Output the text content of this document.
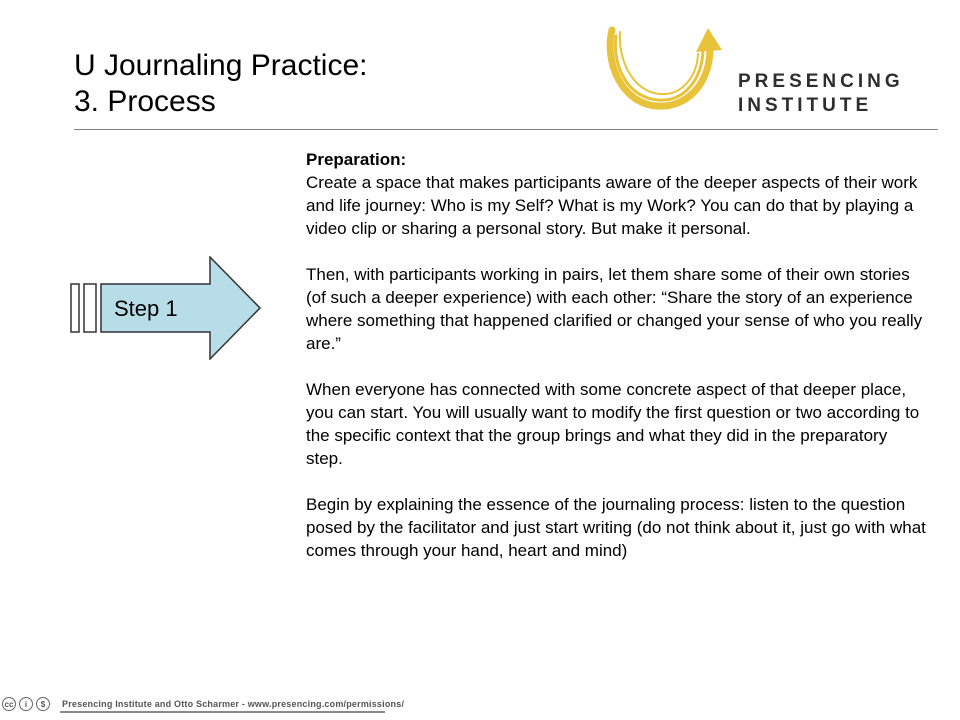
U Journaling Practice:
3. Process
PRESENCING
INSTITUTE
Step 1

Preparation:
Create a space that makes participants aware of the deeper aspects of their work and life journey: Who is my Self? What is my Work? You can do that by playing a video clip or sharing a personal story. But make it personal.

Then, with participants working in pairs, let them share some of their own stories (of such a deeper experience) with each other: “Share the story of an experience where something that happened clarified or changed your sense of who you really are.”

When everyone has connected with some concrete aspect of that deeper place, you can start. You will usually want to modify the first question or two according to the specific context that the group brings and what they did in the preparatory step.

Begin by explaining the essence of the journaling process: listen to the question posed by the facilitator and just start writing (do not think about it, just go with what comes through your hand, heart and mind)

cc	i	$	Presencing Institute and Otto Scharmer - www.presencing.com/permissions/
